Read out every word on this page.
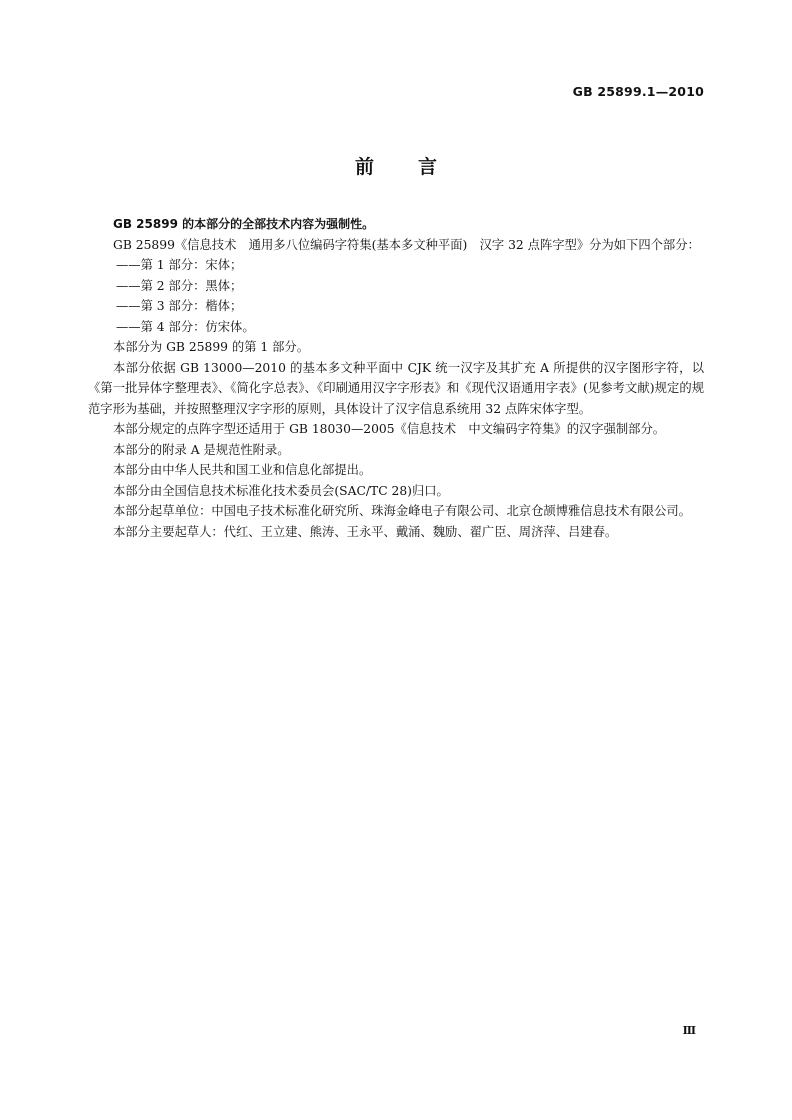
GB 25899.1—2010
前 言

GB 25899 的本部分的全部技术内容为强制性。

GB 25899《信息技术　通用多八位编码字符集(基本多文种平面)　汉字 32 点阵字型》分为如下四个部分：

——第 1 部分：宋体；

——第 2 部分：黑体；

——第 3 部分：楷体；

——第 4 部分：仿宋体。

本部分为 GB 25899 的第 1 部分。

本部分依据 GB 13000—2010 的基本多文种平面中 CJK 统一汉字及其扩充 A 所提供的汉字图形字符，以《第一批异体字整理表》、《简化字总表》、《印刷通用汉字字形表》和《现代汉语通用字表》(见参考文献)规定的规范字形为基础，并按照整理汉字字形的原则，具体设计了汉字信息系统用 32 点阵宋体字型。

本部分规定的点阵字型还适用于 GB 18030—2005《信息技术　中文编码字符集》的汉字强制部分。

本部分的附录 A 是规范性附录。

本部分由中华人民共和国工业和信息化部提出。

本部分由全国信息技术标准化技术委员会(SAC/TC 28)归口。

本部分起草单位：中国电子技术标准化研究所、珠海金峰电子有限公司、北京仓颉博雅信息技术有限公司。

本部分主要起草人：代红、王立建、熊涛、王永平、戴涌、魏励、翟广臣、周济萍、吕建春。

Ⅲ
